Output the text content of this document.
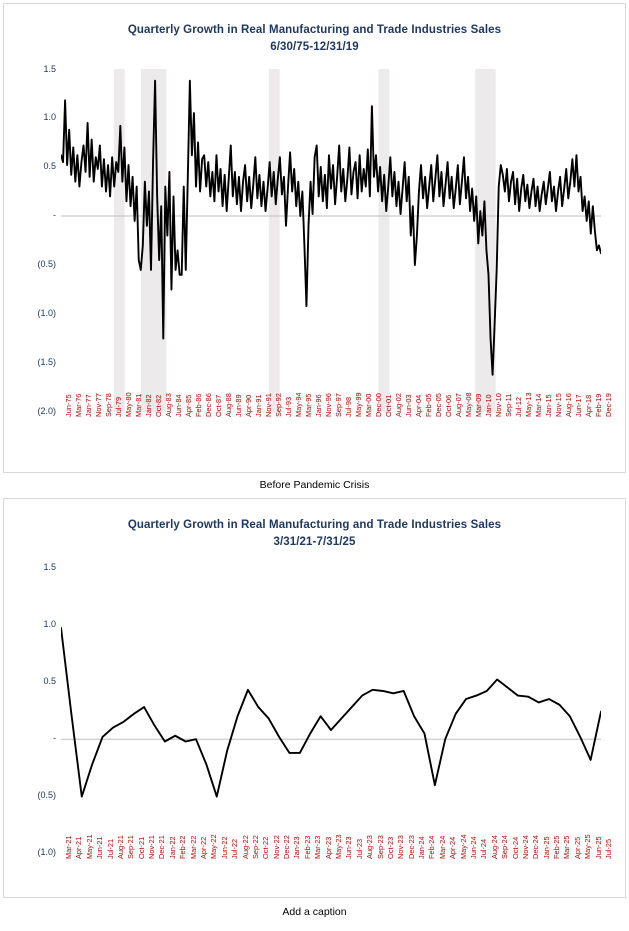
Quarterly Growth in Real Manufacturing and Trade Industries Sales
6/30/75-12/31/19
1.5
1.0
0.5
-
(0.5)
(1.0)
(1.5)
(2.0) Jun-75 Mar-76 Jan-77 Nov-77 Sep-78 Jul-79 May-80 Mar-81 Jan-82 Oct-82 Aug-83 Jun-84 Apr-85 Feb-86 Dec-86 Oct-87 Aug-88 Jun-89 Apr-90 Jan-91 Nov-91 Sep-92 Jul-93 May-94 Mar-95 Jan-96 Nov-96 Sep-97 Jul-98 May-99 Mar-00 Dec-00 Oct-01 Aug-02 Jun-03 Apr-04 Feb-05 Dec-05 Oct-06 Aug-07 May-08 Mar-09 Jan-10 Nov-10 Sep-11 Jul-12 May-13 Mar-14 Jan-15 Nov-15 Aug-16 Jun-17 Apr-18 Feb-19 Dec-19
Before Pandemic Crisis
Quarterly Growth in Real Manufacturing and Trade Industries Sales
3/31/21-7/31/25
1.5
1.0
0.5
-
(0.5)
(1.0) Mar-21 Apr-21 May-21 Jun-21 Jul-21 Aug-21 Sep-21 Oct-21 Nov-21 Dec-21 Jan-22 Feb-22 Mar-22 Apr-22 May-22 Jun-22 Jul-22 Aug-22 Sep-22 Oct-22 Nov-22 Dec-22 Jan-23 Feb-23 Mar-23 Apr-23 May-23 Jun-23 Jul-23 Aug-23 Sep-23 Oct-23 Nov-23 Dec-23 Jan-24 Feb-24 Mar-24 Apr-24 May-24 Jun-24 Jul-24 Aug-24 Sep-24 Oct-24 Nov-24 Dec-24 Jan-25 Feb-25 Mar-25 Apr-25 May-25 Jun-25 Jul-25
Add a caption
